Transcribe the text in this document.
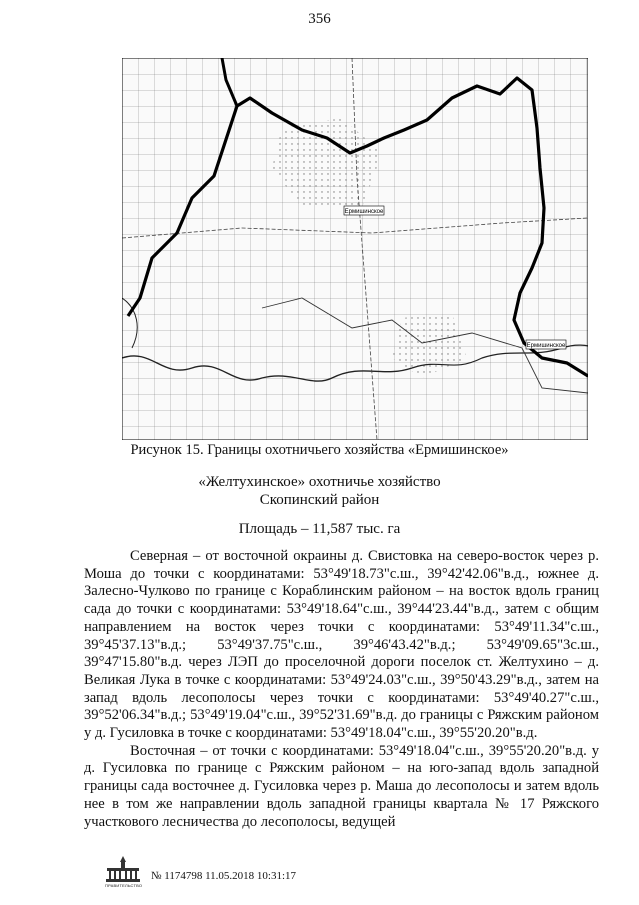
356
Ермишинское
Ермишинское
Рисунок 15. Границы охотничьего хозяйства «Ермишинское»
«Желтухинское» охотничье хозяйство
Скопинский район
Площадь – 11,587 тыс. га

Северная – от восточной окраины д. Свистовка на северо-восток через р. Моша до точки с координатами: 53°49'18.73"с.ш., 39°42'42.06"в.д., южнее д. Залесно-Чулково по границе с Кораблинским районом – на восток вдоль границ сада до точки с координатами: 53°49'18.64"с.ш., 39°44'23.44"в.д., затем с общим направлением на восток через точки с координатами: 53°49'11.34"с.ш., 39°45'37.13"в.д.; 53°49'37.75"с.ш., 39°46'43.42"в.д.; 53°49'09.65"3с.ш., 39°47'15.80"в.д. через ЛЭП до проселочной дороги поселок ст. Желтухино – д. Великая Лука в точке с координатами: 53°49'24.03"с.ш., 39°50'43.29"в.д., затем на запад вдоль лесополосы через точки с координатами: 53°49'40.27"с.ш., 39°52'06.34"в.д.; 53°49'19.04"с.ш., 39°52'31.69"в.д. до границы с Ряжским районом у д. Гусиловка в точке с координатами: 53°49'18.04"с.ш., 39°55'20.20"в.д.

Восточная – от точки с координатами: 53°49'18.04"с.ш., 39°55'20.20"в.д. у д. Гусиловка по границе с Ряжским районом – на юго-запад вдоль западной границы сада восточнее д. Гусиловка через р. Маша до лесополосы и затем вдоль нее в том же направлении вдоль западной границы квартала № 17 Ряжского участкового лесничества до лесополосы, ведущей

ПРАВИТЕЛЬСТВО
№ 1174798 11.05.2018 10:31:17
